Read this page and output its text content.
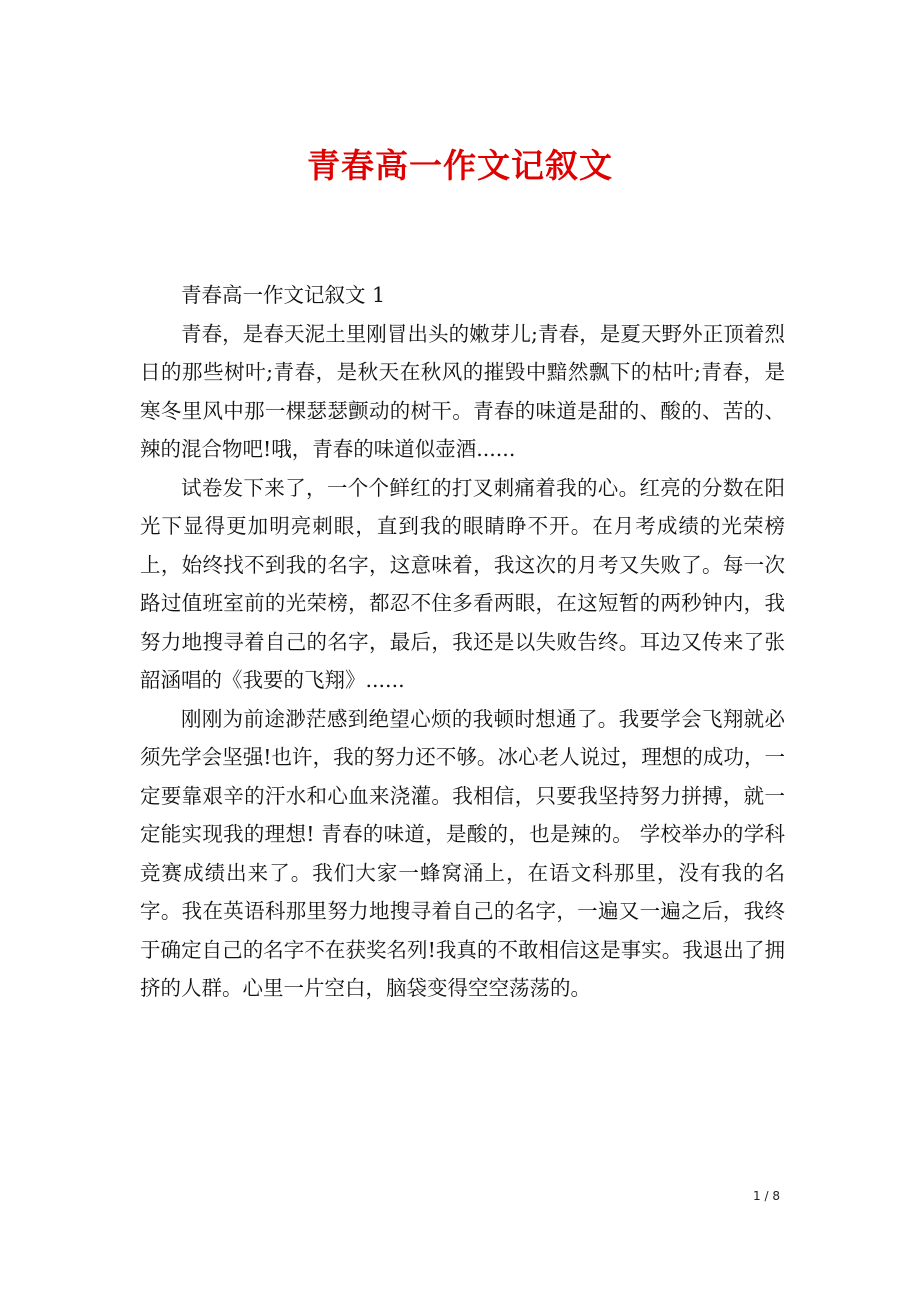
青春高一作文记叙文

青春高一作文记叙文 1

青春，是春天泥土里刚冒出头的嫩芽儿;青春，是夏天野外正顶着烈日的那些树叶;青春，是秋天在秋风的摧毁中黯然飘下的枯叶;青春，是寒冬里风中那一棵瑟瑟颤动的树干。青春的味道是甜的、酸的、苦的、辣的混合物吧!哦，青春的味道似壶酒......

试卷发下来了，一个个鲜红的打叉刺痛着我的心。红亮的分数在阳光下显得更加明亮刺眼，直到我的眼睛睁不开。在月考成绩的光荣榜上，始终找不到我的名字，这意味着，我这次的月考又失败了。每一次路过值班室前的光荣榜，都忍不住多看两眼，在这短暂的两秒钟内，我努力地搜寻着自己的名字，最后，我还是以失败告终。耳边又传来了张韶涵唱的《我要的飞翔》......

刚刚为前途渺茫感到绝望心烦的我顿时想通了。我要学会飞翔就必须先学会坚强!也许，我的努力还不够。冰心老人说过，理想的成功，一定要靠艰辛的汗水和心血来浇灌。我相信，只要我坚持努力拼搏，就一定能实现我的理想! 青春的味道，是酸的，也是辣的。 学校举办的学科竞赛成绩出来了。我们大家一蜂窝涌上，在语文科那里，没有我的名字。我在英语科那里努力地搜寻着自己的名字，一遍又一遍之后，我终于确定自己的名字不在获奖名列!我真的不敢相信这是事实。我退出了拥挤的人群。心里一片空白，脑袋变得空空荡荡的。

1 / 8
